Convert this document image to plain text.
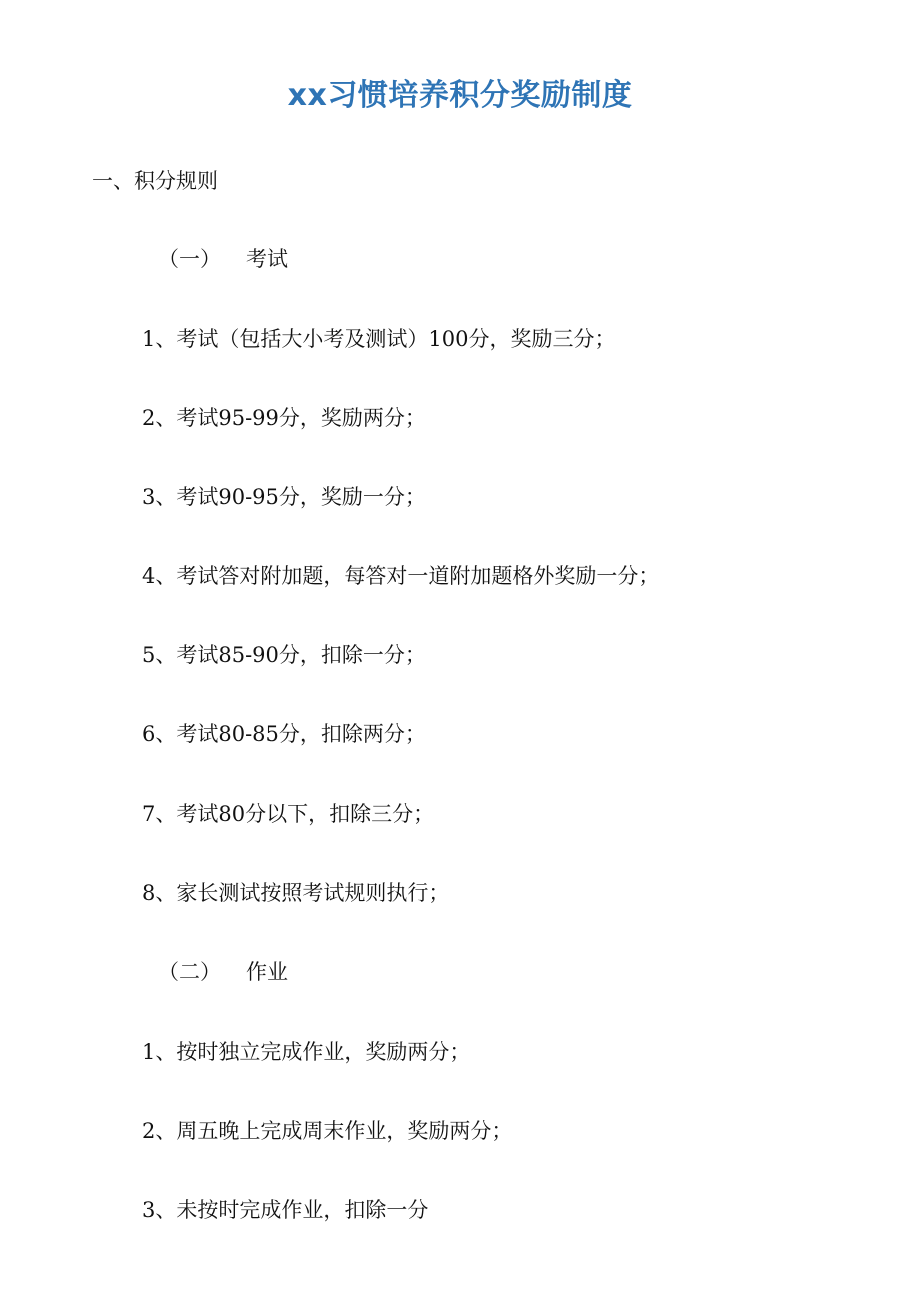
xx习惯培养积分奖励制度
一、积分规则
（一）	考试
1、考试（包括大小考及测试）100分，奖励三分；
2、考试95-99分，奖励两分；
3、考试90-95分，奖励一分；
4、考试答对附加题，每答对一道附加题格外奖励一分；
5、考试85-90分，扣除一分；
6、考试80-85分，扣除两分；
7、考试80分以下，扣除三分；
8、家长测试按照考试规则执行；
（二）	作业
1、按时独立完成作业，奖励两分；
2、周五晚上完成周末作业，奖励两分；
3、未按时完成作业，扣除一分
